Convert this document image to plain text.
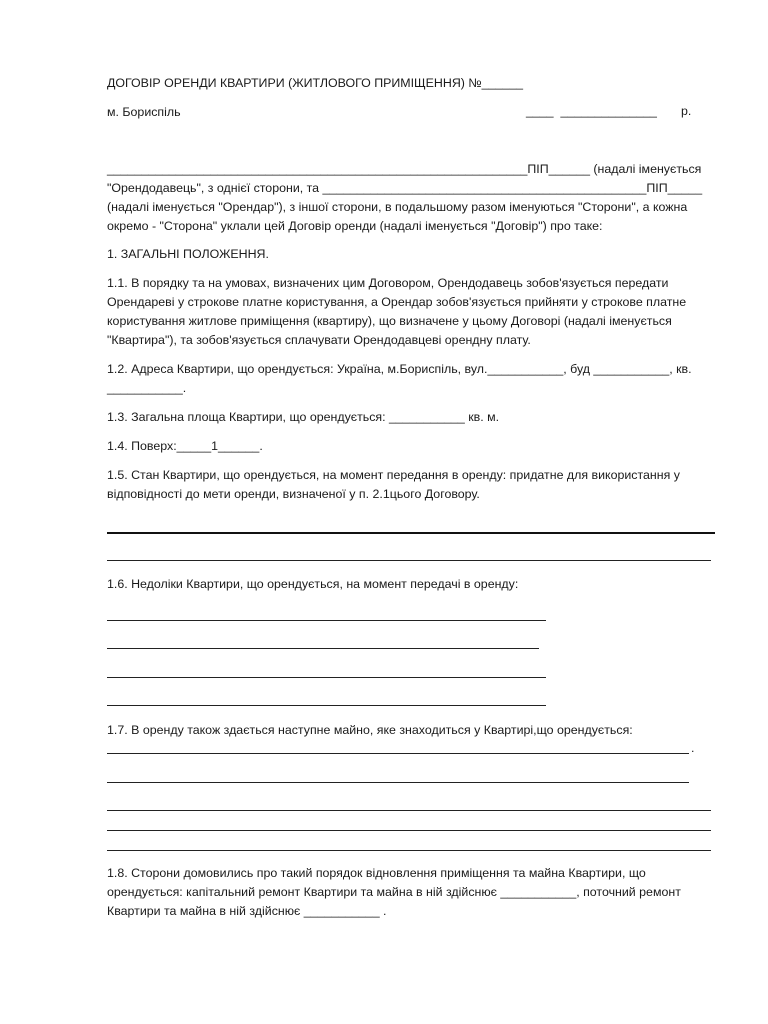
ДОГОВІР ОРЕНДИ КВАРТИРИ (ЖИТЛОВОГО ПРИМІЩЕННЯ) №______
м. Бориспіль	____  ______________       р.
_____________________________________________________________ПІП______ (надалі іменується
"Орендодавець", з однієї сторони, та _______________________________________________ПІП_____
(надалі іменується "Орендар"), з іншої сторони, в подальшому разом іменуються "Сторони", а кожна
окремо - "Сторона" уклали цей Договір оренди (надалі іменується "Договір") про таке:
1. ЗАГАЛЬНІ ПОЛОЖЕННЯ.
1.1. В порядку та на умовах, визначених цим Договором, Орендодавець зобов'язується передати
Орендареві у строкове платне користування, а Орендар зобов'язується прийняти у строкове платне
користування житлове приміщення (квартиру), що визначене у цьому Договорі (надалі іменується
"Квартира"), та зобов'язується сплачувати Орендодавцеві орендну плату.
1.2. Адреса Квартири, що орендується: Україна, м.Бориспіль, вул.___________, буд ___________, кв.
___________.
1.3. Загальна площа Квартири, що орендується: ___________ кв. м.
1.4. Поверх:_____1______.
1.5. Стан Квартири, що орендується, на момент передання в оренду: придатне для використання у
відповідності до мети оренди, визначеної у п. 2.1цього Договору.
1.6. Недоліки Квартири, що орендується, на момент передачі в оренду:
1.7. В оренду також здається наступне майно, яке знаходиться у Квартирі,що орендується:
.
1.8. Сторони домовились про такий порядок відновлення приміщення та майна Квартири, що
орендується: капітальний ремонт Квартири та майна в ній здійснює ___________, поточний ремонт
Квартири та майна в ній здійснює ___________ .
